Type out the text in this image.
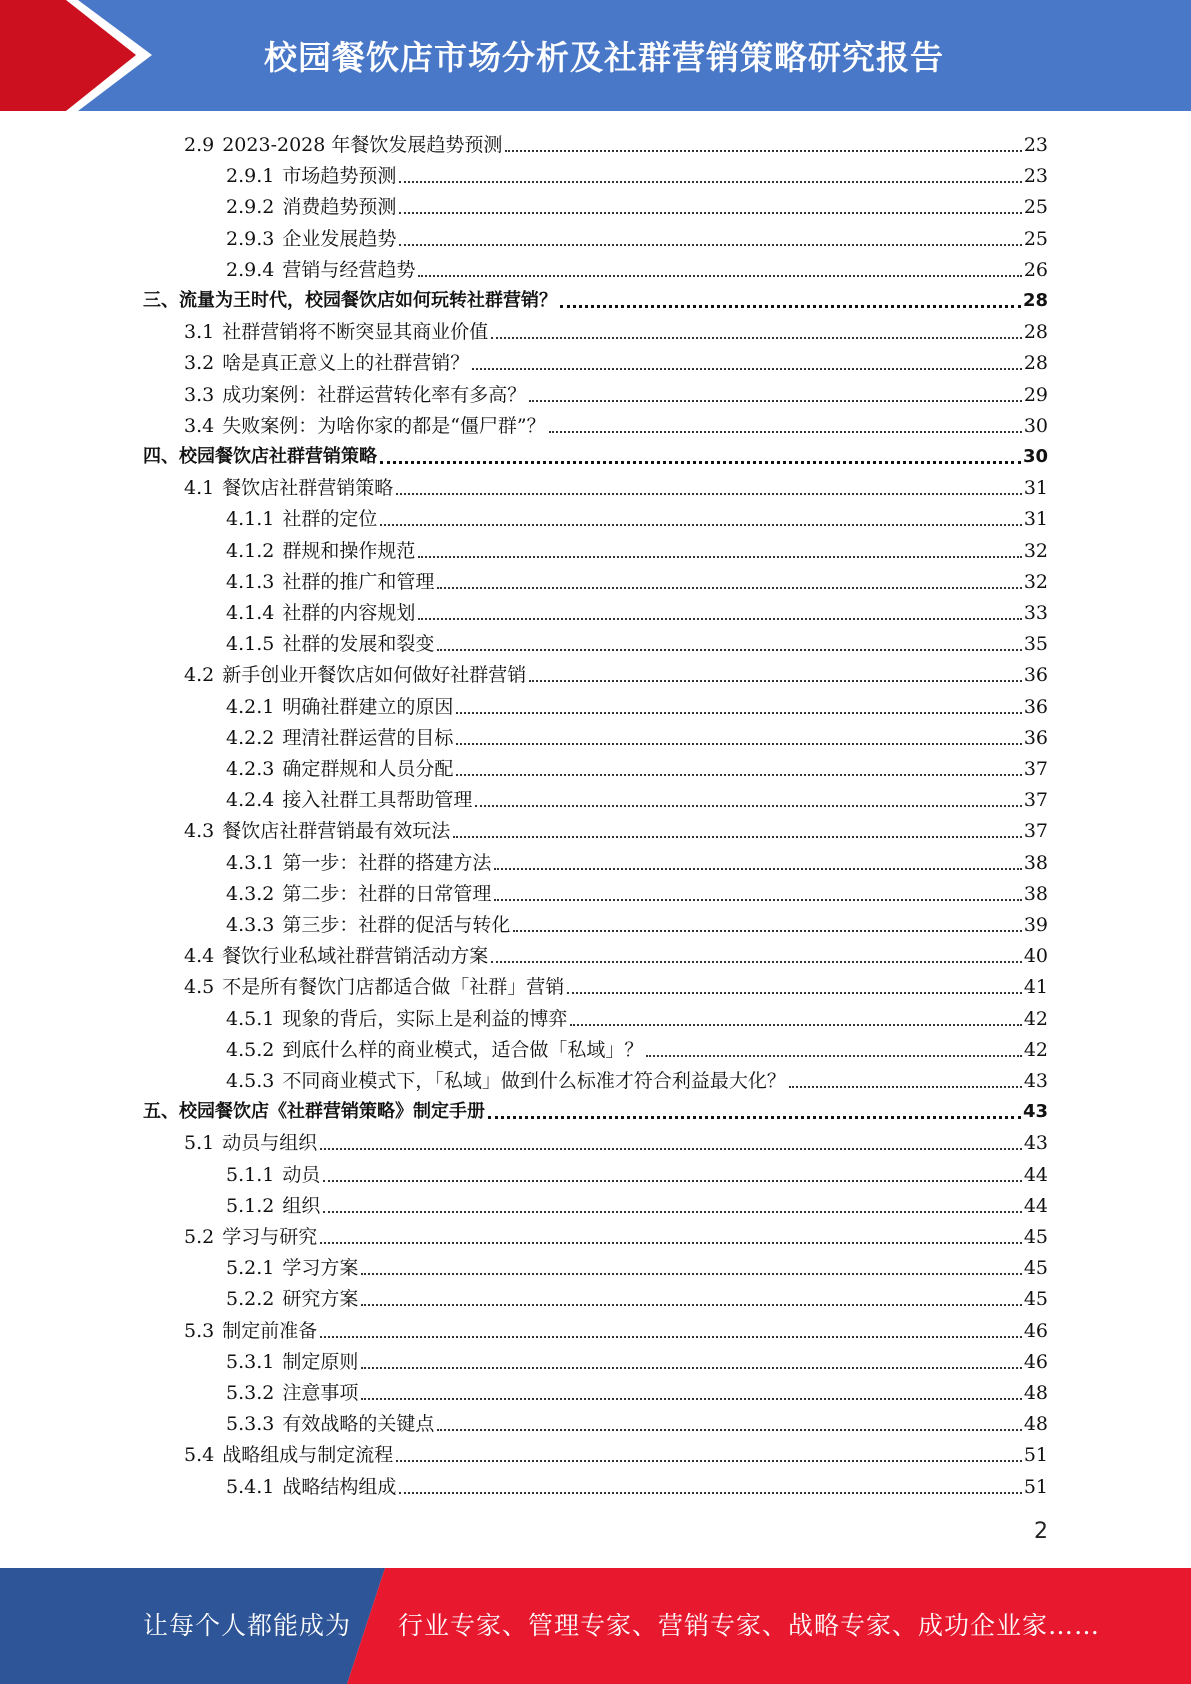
校园餐饮店市场分析及社群营销策略研究报告
2.9 2023-2028 年餐饮发展趋势预测	23
2.9.1 市场趋势预测	23
2.9.2 消费趋势预测	25
2.9.3 企业发展趋势	25
2.9.4 营销与经营趋势	26
三、流量为王时代，校园餐饮店如何玩转社群营销？	28
3.1 社群营销将不断突显其商业价值	28
3.2 啥是真正意义上的社群营销？	28
3.3 成功案例：社群运营转化率有多高？	29
3.4 失败案例：为啥你家的都是“僵尸群”？	30
四、校园餐饮店社群营销策略	30
4.1 餐饮店社群营销策略	31
4.1.1 社群的定位	31
4.1.2 群规和操作规范	32
4.1.3 社群的推广和管理	32
4.1.4 社群的内容规划	33
4.1.5 社群的发展和裂变	35
4.2 新手创业开餐饮店如何做好社群营销	36
4.2.1 明确社群建立的原因	36
4.2.2 理清社群运营的目标	36
4.2.3 确定群规和人员分配	37
4.2.4 接入社群工具帮助管理	37
4.3 餐饮店社群营销最有效玩法	37
4.3.1 第一步：社群的搭建方法	38
4.3.2 第二步：社群的日常管理	38
4.3.3 第三步：社群的促活与转化	39
4.4 餐饮行业私域社群营销活动方案	40
4.5 不是所有餐饮门店都适合做「社群」营销	41
4.5.1 现象的背后，实际上是利益的博弈	42
4.5.2 到底什么样的商业模式，适合做「私域」？	42
4.5.3 不同商业模式下，「私域」做到什么标准才符合利益最大化？	43
五、校园餐饮店《社群营销策略》制定手册	43
5.1 动员与组织	43
5.1.1 动员	44
5.1.2 组织	44
5.2 学习与研究	45
5.2.1 学习方案	45
5.2.2 研究方案	45
5.3 制定前准备	46
5.3.1 制定原则	46
5.3.2 注意事项	48
5.3.3 有效战略的关键点	48
5.4 战略组成与制定流程	51
5.4.1 战略结构组成	51
2
让每个人都能成为 行业专家、管理专家、营销专家、战略专家、成功企业家……
